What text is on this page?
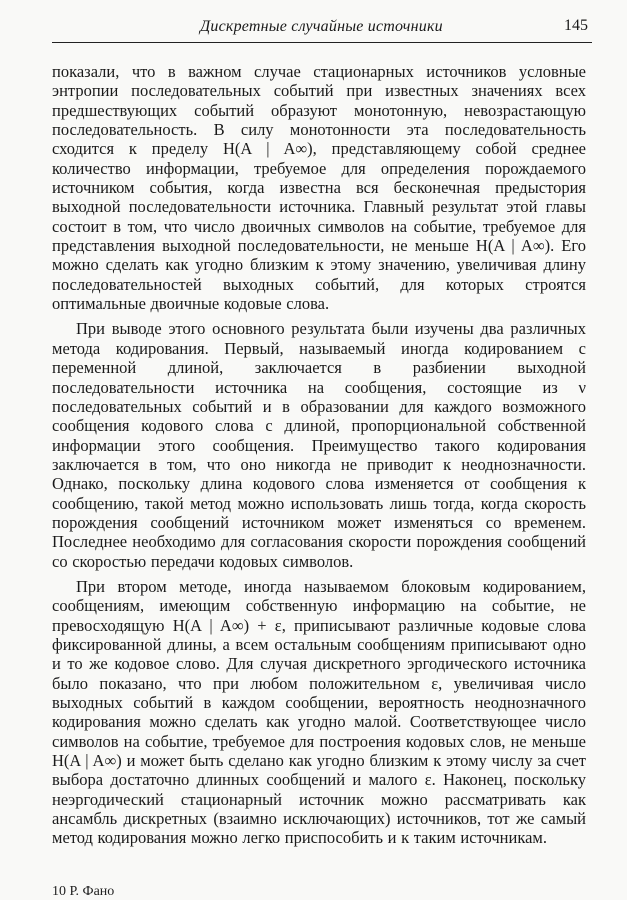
Дискретные случайные источники	145

показали, что в важном случае стационарных источников условные энтропии последовательных событий при известных значениях всех предшествующих событий образуют монотонную, невозрастающую последовательность. В силу монотонности эта последовательность сходится к пределу H(A | A∞), представляющему собой среднее количество информации, требуемое для определения порождаемого источником события, когда известна вся бесконечная предыстория выходной последовательности источника. Главный результат этой главы состоит в том, что число двоичных символов на событие, требуемое для представления выходной последовательности, не меньше H(A | A∞). Его можно сделать как угодно близким к этому значению, увеличивая длину последовательностей выходных событий, для которых строятся оптимальные двоичные кодовые слова.

При выводе этого основного результата были изучены два различных метода кодирования. Первый, называемый иногда кодированием с переменной длиной, заключается в разбиении выходной последовательности источника на сообщения, состоящие из ν последовательных событий и в образовании для каждого возможного сообщения кодового слова с длиной, пропорциональной собственной информации этого сообщения. Преимущество такого кодирования заключается в том, что оно никогда не приводит к неоднозначности. Однако, поскольку длина кодового слова изменяется от сообщения к сообщению, такой метод можно использовать лишь тогда, когда скорость порождения сообщений источником может изменяться со временем. Последнее необходимо для согласования скорости порождения сообщений со скоростью передачи кодовых символов.

При втором методе, иногда называемом блоковым кодированием, сообщениям, имеющим собственную информацию на событие, не превосходящую H(A | A∞) + ε, приписывают различные кодовые слова фиксированной длины, а всем остальным сообщениям приписывают одно и то же кодовое слово. Для случая дискретного эргодического источника было показано, что при любом положительном ε, увеличивая число выходных событий в каждом сообщении, вероятность неоднозначного кодирования можно сделать как угодно малой. Соответствующее число символов на событие, требуемое для построения кодовых слов, не меньше H(A | A∞) и может быть сделано как угодно близким к этому числу за счет выбора достаточно длинных сообщений и малого ε. Наконец, поскольку неэргодический стационарный источник можно рассматривать как ансамбль дискретных (взаимно исключающих) источников, тот же самый метод кодирования можно легко приспособить и к таким источникам.

10 Р. Фано
